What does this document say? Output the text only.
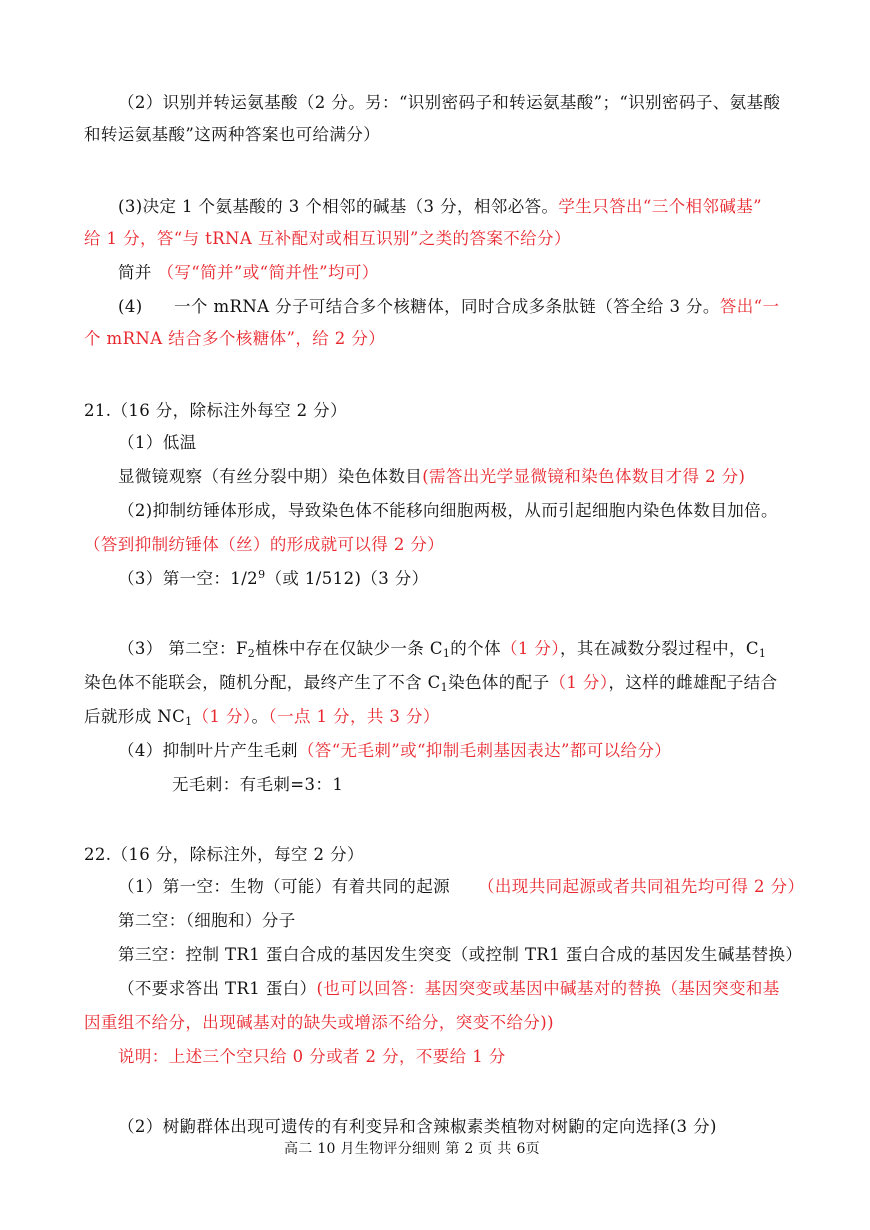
（2）识别并转运氨基酸（2 分。另：“识别密码子和转运氨基酸”；“识别密码子、氨基酸
和转运氨基酸”这两种答案也可给满分）
(3)决定 1 个氨基酸的 3 个相邻的碱基（3 分，相邻必答。学生只答出“三个相邻碱基”
给 1 分，答“与 tRNA 互补配对或相互识别”之类的答案不给分）
简并 （写“简并”或“简并性”均可）
(4) 一个 mRNA 分子可结合多个核糖体，同时合成多条肽链（答全给 3 分。答出“一
个 mRNA 结合多个核糖体”，给 2 分）
21.（16 分，除标注外每空 2 分）
（1）低温
显微镜观察（有丝分裂中期）染色体数目(需答出光学显微镜和染色体数目才得 2 分)
（2)抑制纺锤体形成，导致染色体不能移向细胞两极，从而引起细胞内染色体数目加倍。
（答到抑制纺锤体（丝）的形成就可以得 2 分）
（3）第一空：$1/2^9$（或 1/512)（3 分）
（3） 第二空：$F_2$植株中存在仅缺少一条 $C_1$的个体（1 分），其在减数分裂过程中，$C_1$
染色体不能联会，随机分配，最终产生了不含 $C_1$染色体的配子（1 分），这样的雌雄配子结合
后就形成 $NC_1(1$ 分）。（一点 1 分，共 3 分）
（4）抑制叶片产生毛刺（答“无毛刺”或“抑制毛刺基因表达”都可以给分）
无毛刺：有毛刺=3：1
22.（16 分，除标注外，每空 2 分）
（1）第一空：生物（可能）有着共同的起源 （出现共同起源或者共同祖先均可得 2 分）
第二空：（细胞和）分子
第三空：控制 TR1 蛋白合成的基因发生突变（或控制 TR1 蛋白合成的基因发生碱基替换）
（不要求答出 TR1 蛋白）(也可以回答：基因突变或基因中碱基对的替换（基因突变和基
因重组不给分，出现碱基对的缺失或增添不给分，突变不给分))
说明：上述三个空只给 0 分或者 2 分，不要给 1 分
（2）树鼩群体出现可遗传的有利变异和含辣椒素类植物对树鼩的定向选择(3 分)
高二 10 月生物评分细则 第 2 页 共 6页
